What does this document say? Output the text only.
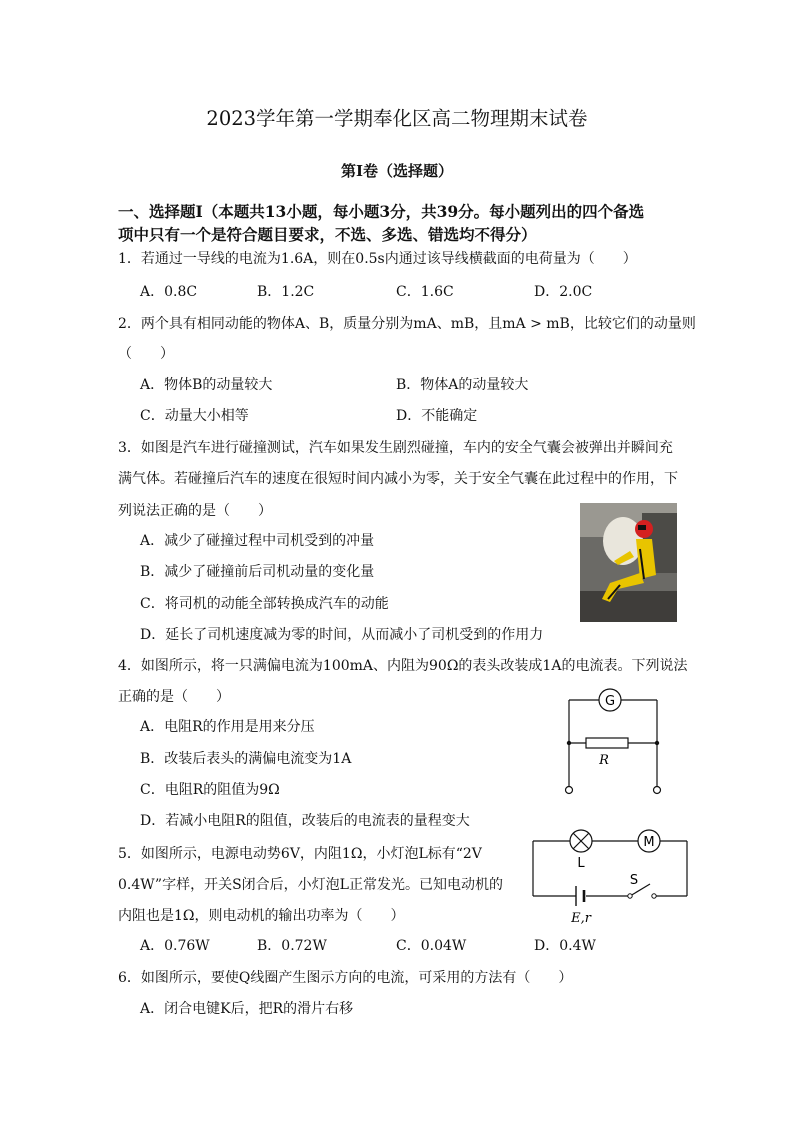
2023学年第一学期奉化区高二物理期末试卷
第Ⅰ卷（选择题）
一、选择题Ⅰ（本题共13小题，每小题3分，共39分。每小题列出的四个备选
项中只有一个是符合题目要求，不选、多选、错选均不得分）
1．若通过一导线的电流为1.6A，则在0.5s内通过该导线横截面的电荷量为（　　）
A．0.8C	B．1.2C	C．1.6C	D．2.0C
2．两个具有相同动能的物体A、B，质量分别为mA、mB，且mA > mB，比较它们的动量则
（　　）
A．物体B的动量较大	B．物体A的动量较大
C．动量大小相等	D．不能确定
3．如图是汽车进行碰撞测试，汽车如果发生剧烈碰撞，车内的安全气囊会被弹出并瞬间充
满气体。若碰撞后汽车的速度在很短时间内减小为零，关于安全气囊在此过程中的作用，下
列说法正确的是（　　）
A．减少了碰撞过程中司机受到的冲量
B．减少了碰撞前后司机动量的变化量
C．将司机的动能全部转换成汽车的动能
D．延长了司机速度减为零的时间，从而减小了司机受到的作用力
4．如图所示，将一只满偏电流为100mA、内阻为90Ω的表头改装成1A的电流表。下列说法
正确的是（　　）
A．电阻R的作用是用来分压
B．改装后表头的满偏电流变为1A
C．电阻R的阻值为9Ω
D．若减小电阻R的阻值，改装后的电流表的量程变大
G
R
5．如图所示，电源电动势6V，内阻1Ω，小灯泡L标有“2V
0.4W”字样，开关S闭合后，小灯泡L正常发光。已知电动机的
内阻也是1Ω，则电动机的输出功率为（　　）
A．0.76W	B．0.72W	C．0.04W	D．0.4W
M
L
S
E,r
6．如图所示，要使Q线圈产生图示方向的电流，可采用的方法有（　　）
A．闭合电键K后，把R的滑片右移
